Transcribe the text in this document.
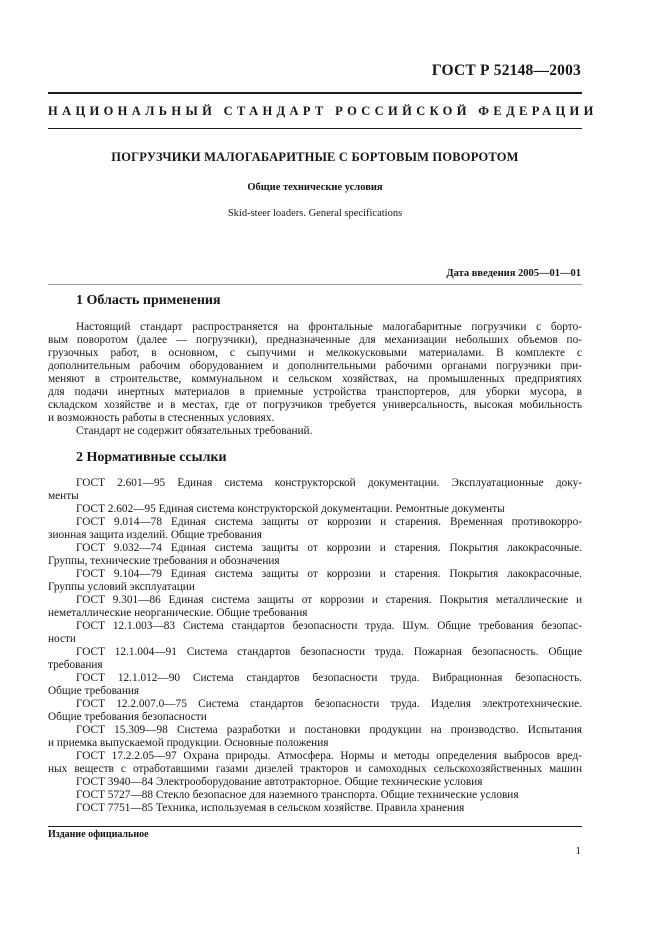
ГОСТ Р 52148—2003
НАЦИОНАЛЬНЫЙ СТАНДАРТ РОССИЙСКОЙ ФЕДЕРАЦИИ
ПОГРУЗЧИКИ МАЛОГАБАРИТНЫЕ С БОРТОВЫМ ПОВОРОТОМ
Общие технические условия
Skid-steer loaders. General specifications
Дата введения 2005—01—01
1 Область применения
Настоящий стандарт распространяется на фронтальные малогабаритные погрузчики с борто-
вым поворотом (далее — погрузчики), предназначенные для механизации небольших объемов по-
грузочных работ, в основном, с сыпучими и мелкокусковыми материалами. В комплекте с
дополнительным рабочим оборудованием и дополнительными рабочими органами погрузчики при-
меняют в строительстве, коммунальном и сельском хозяйствах, на промышленных предприятиях
для подачи инертных материалов в приемные устройства транспортеров, для уборки мусора, в
складском хозяйстве и в местах, где от погрузчиков требуется универсальность, высокая мобильность
и возможность работы в стесненных условиях.
Стандарт не содержит обязательных требований.
2 Нормативные ссылки
ГОСТ 2.601—95 Единая система конструкторской документации. Эксплуатационные доку-
менты
ГОСТ 2.602—95 Единая система конструкторской документации. Ремонтные документы
ГОСТ 9.014—78 Единая система защиты от коррозии и старения. Временная противокорро-
зионная защита изделий. Общие требования
ГОСТ 9.032—74 Единая система защиты от коррозии и старения. Покрытия лакокрасочные.
Группы, технические требования и обозначения
ГОСТ 9.104—79 Единая система защиты от коррозии и старения. Покрытия лакокрасочные.
Группы условий эксплуатации
ГОСТ 9.301—86 Единая система защиты от коррозии и старения. Покрытия металлические и
неметаллические неорганические. Общие требования
ГОСТ 12.1.003—83 Система стандартов безопасности труда. Шум. Общие требования безопас-
ности
ГОСТ 12.1.004—91 Система стандартов безопасности труда. Пожарная безопасность. Общие
требования
ГОСТ 12.1.012—90 Система стандартов безопасности труда. Вибрационная безопасность.
Общие требования
ГОСТ 12.2.007.0—75 Система стандартов безопасности труда. Изделия электротехнические.
Общие требования безопасности
ГОСТ 15.309—98 Система разработки и постановки продукции на производство. Испытания
и приемка выпускаемой продукции. Основные положения
ГОСТ 17.2.2.05—97 Охрана природы. Атмосфера. Нормы и методы определения выбросов вред-
ных веществ с отработавшими газами дизелей тракторов и самоходных сельскохозяйственных машин
ГОСТ 3940—84 Электрооборудование автотракторное. Общие технические условия
ГОСТ 5727—88 Стекло безопасное для наземного транспорта. Общие технические условия
ГОСТ 7751—85 Техника, используемая в сельском хозяйстве. Правила хранения
Издание официальное
1
